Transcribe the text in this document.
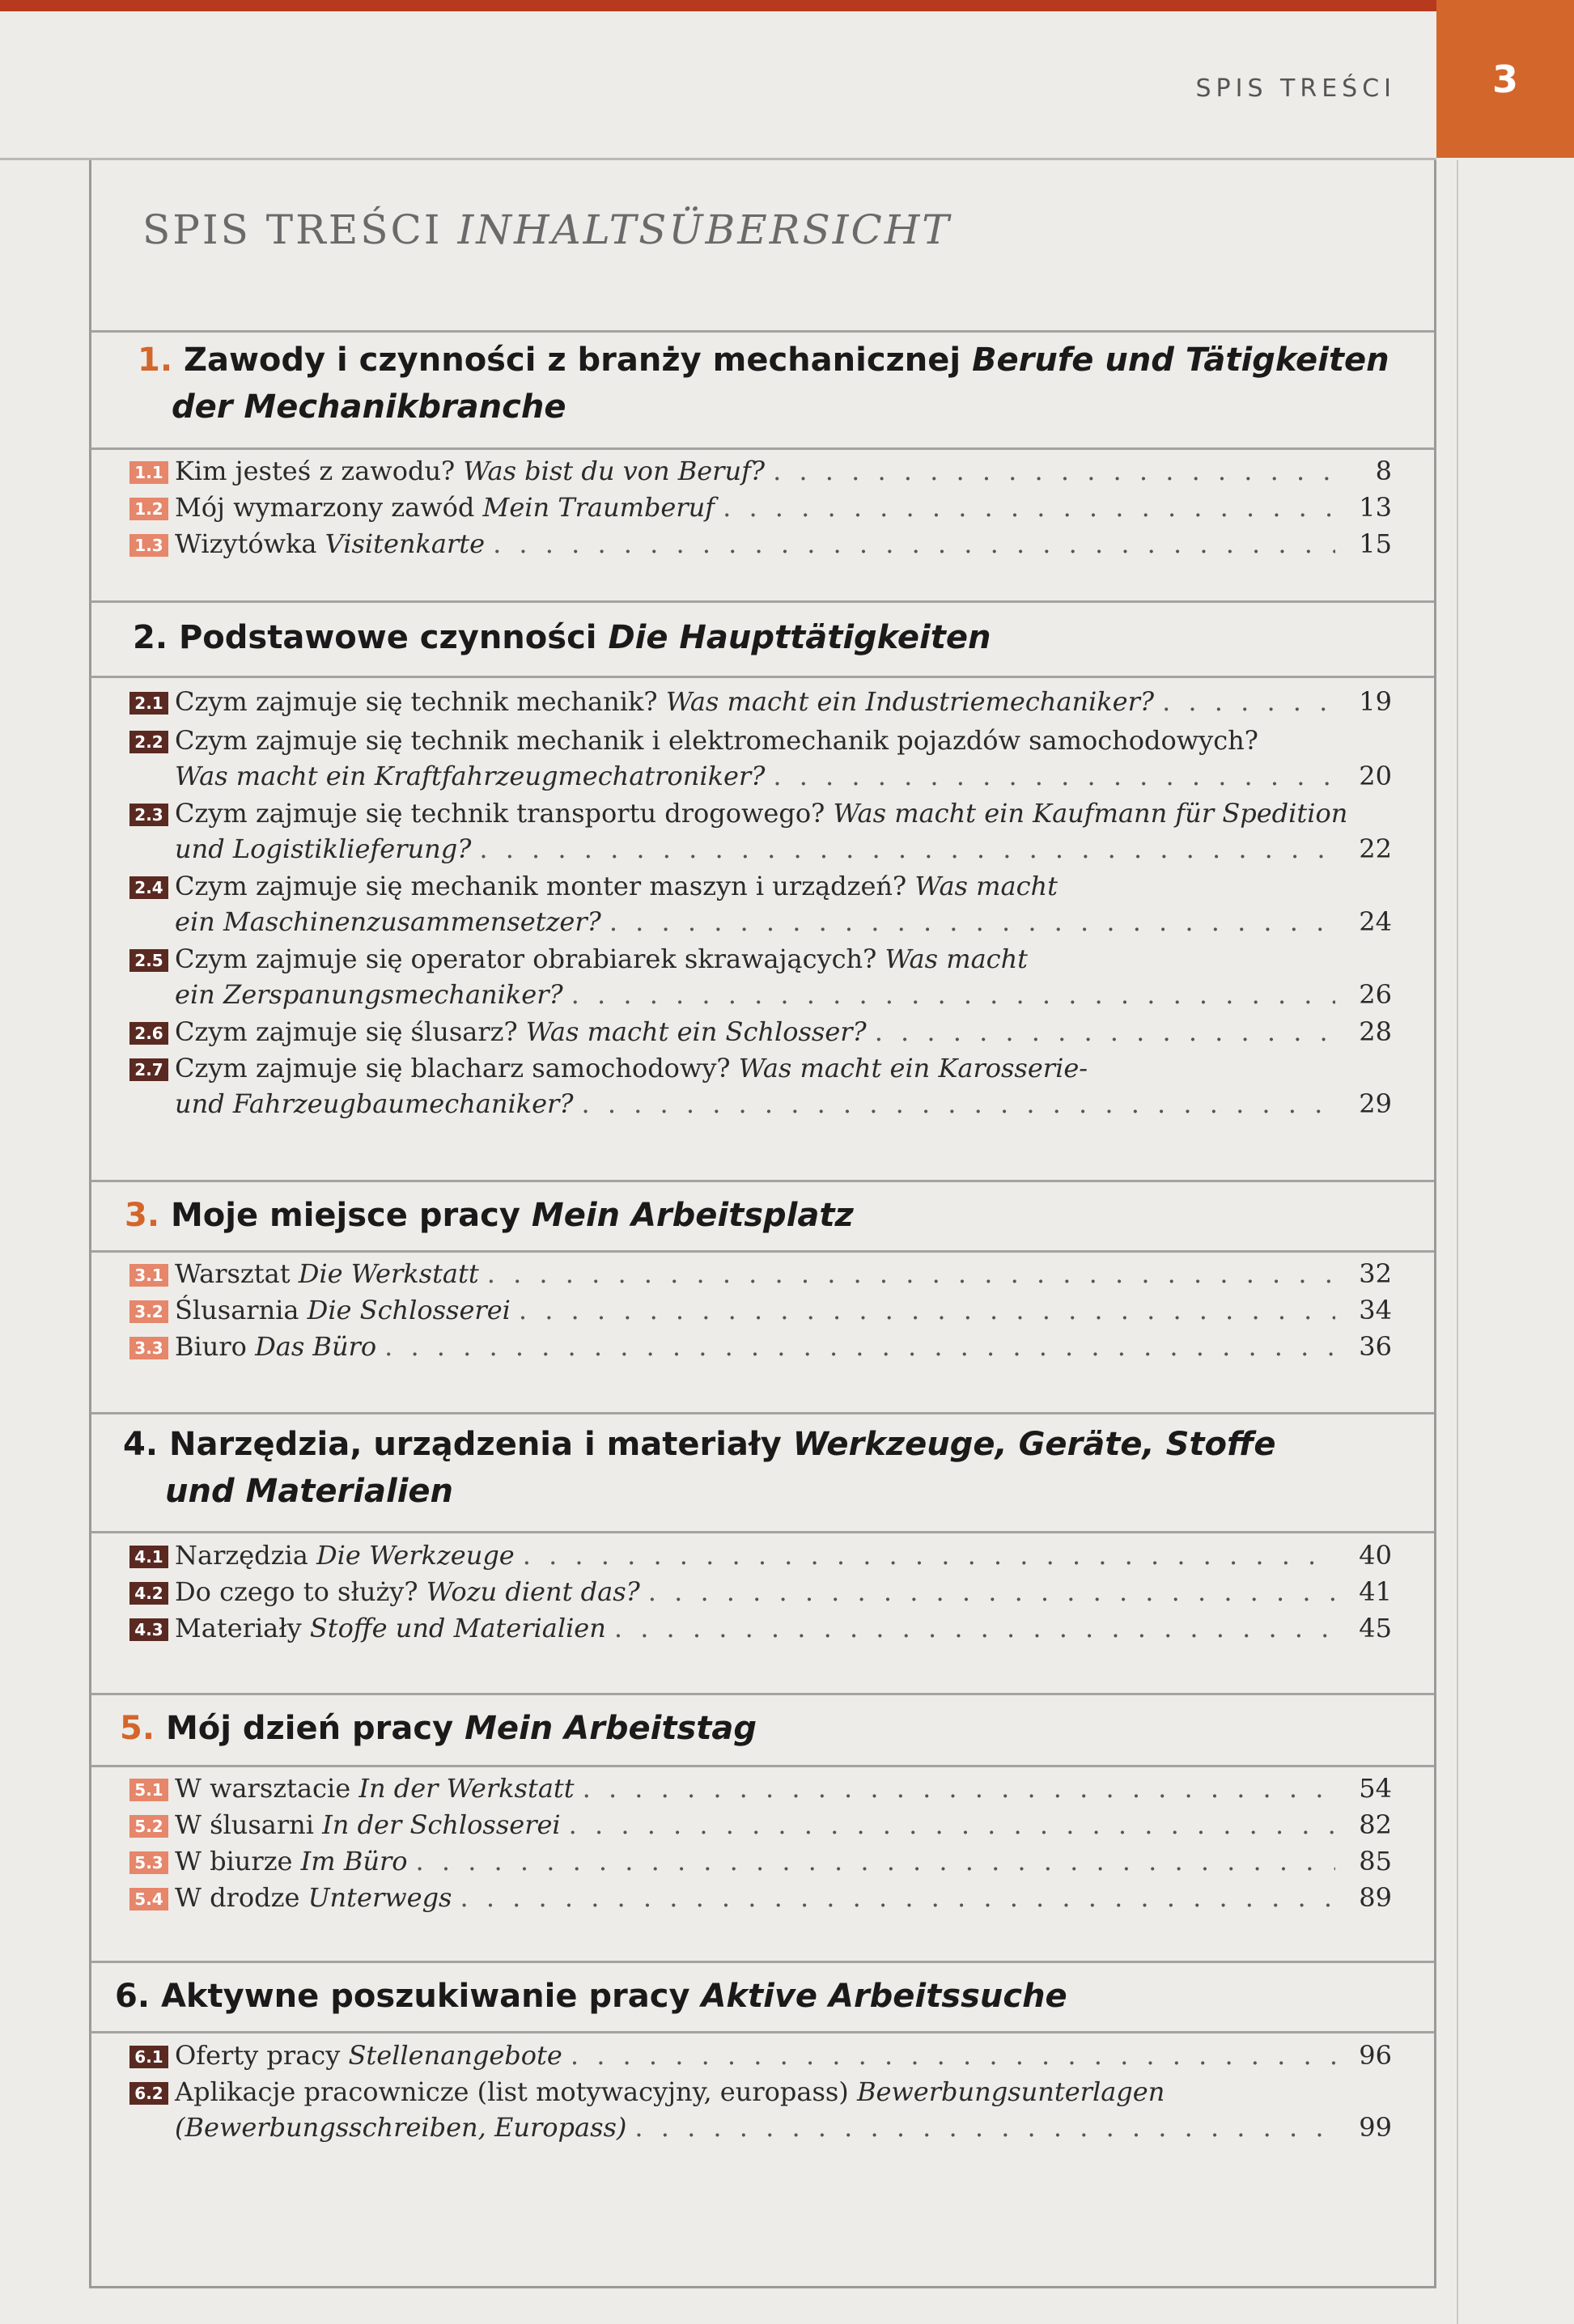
3
SPIS TREŚCI
SPIS TREŚCI INHALTSÜBERSICHT
1. Zawody i czynności z branży mechanicznej Berufe und Tätigkeiten
der Mechanikbranche
1.1 Kim jesteś z zawodu? Was bist du von Beruf? . . .	8
1.2 Mój wymarzony zawód Mein Traumberuf . . .	13
1.3 Wizytówka Visitenkarte . . .	15
2. Podstawowe czynności Die Haupttätigkeiten
2.1 Czym zajmuje się technik mechanik? Was macht ein Industriemechaniker? . . .	19
2.2 Czym zajmuje się technik mechanik i elektromechanik pojazdów samochodowych?
Was macht ein Kraftfahrzeugmechatroniker? . . .	20
2.3 Czym zajmuje się technik transportu drogowego? Was macht ein Kaufmann für Spedition
und Logistiklieferung? . . .	22
2.4 Czym zajmuje się mechanik monter maszyn i urządzeń? Was macht
ein Maschinenzusammensetzer? . . .	24
2.5 Czym zajmuje się operator obrabiarek skrawających? Was macht
ein Zerspanungsmechaniker? . . .	26
2.6 Czym zajmuje się ślusarz? Was macht ein Schlosser? . . .	28
2.7 Czym zajmuje się blacharz samochodowy? Was macht ein Karosserie-
und Fahrzeugbaumechaniker? . . .	29
3. Moje miejsce pracy Mein Arbeitsplatz
3.1 Warsztat Die Werkstatt . . .	32
3.2 Ślusarnia Die Schlosserei . . .	34
3.3 Biuro Das Büro . . .	36
4. Narzędzia, urządzenia i materiały Werkzeuge, Geräte, Stoffe
und Materialien
4.1 Narzędzia Die Werkzeuge . . .	40
4.2 Do czego to służy? Wozu dient das? . . .	41
4.3 Materiały Stoffe und Materialien . . .	45
5. Mój dzień pracy Mein Arbeitstag
5.1 W warsztacie In der Werkstatt . . .	54
5.2 W ślusarni In der Schlosserei . . .	82
5.3 W biurze Im Büro . . .	85
5.4 W drodze Unterwegs . . .	89
6. Aktywne poszukiwanie pracy Aktive Arbeitssuche
6.1 Oferty pracy Stellenangebote . . .	96
6.2 Aplikacje pracownicze (list motywacyjny, europass) Bewerbungsunterlagen
(Bewerbungsschreiben, Europass) . . .	99
